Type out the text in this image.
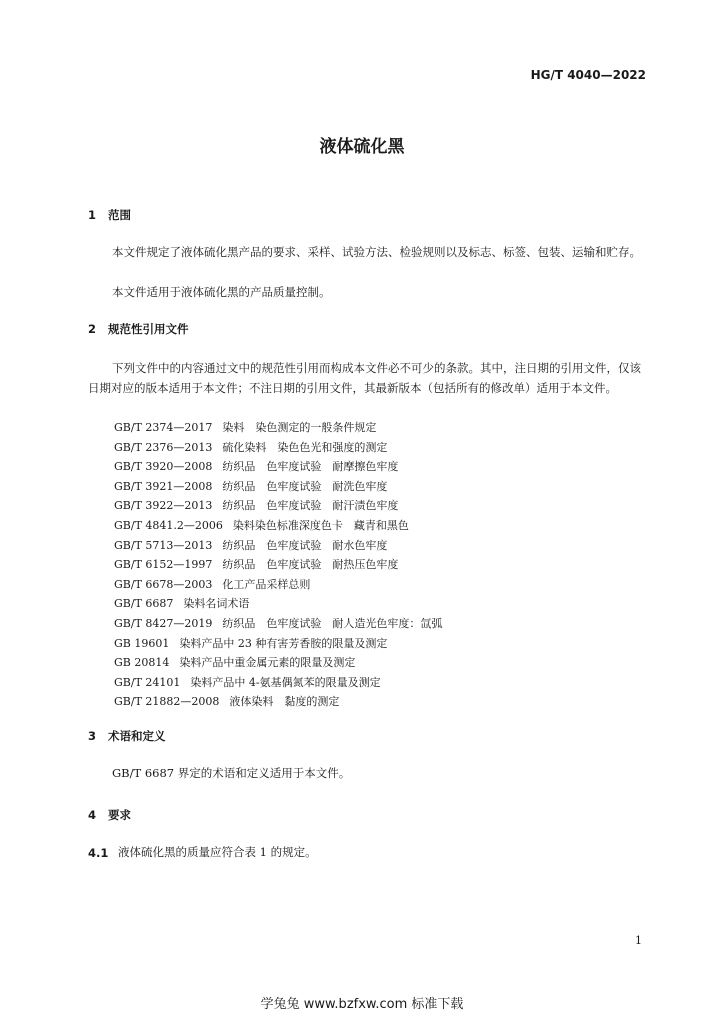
HG/T 4040—2022
液体硫化黑
1 范围
本文件规定了液体硫化黑产品的要求、采样、试验方法、检验规则以及标志、标签、包装、运输和贮存。
本文件适用于液体硫化黑的产品质量控制。
2 规范性引用文件
下列文件中的内容通过文中的规范性引用而构成本文件必不可少的条款。其中，注日期的引用文件，仅该日期对应的版本适用于本文件；不注日期的引用文件，其最新版本（包括所有的修改单）适用于本文件。
GB/T 2374—2017 染料　染色测定的一般条件规定
GB/T 2376—2013 硫化染料　染色色光和强度的测定
GB/T 3920—2008 纺织品　色牢度试验　耐摩擦色牢度
GB/T 3921—2008 纺织品　色牢度试验　耐洗色牢度
GB/T 3922—2013 纺织品　色牢度试验　耐汗渍色牢度
GB/T 4841.2—2006 染料染色标准深度色卡　藏青和黑色
GB/T 5713—2013 纺织品　色牢度试验　耐水色牢度
GB/T 6152—1997 纺织品　色牢度试验　耐热压色牢度
GB/T 6678—2003 化工产品采样总则
GB/T 6687 染料名词术语
GB/T 8427—2019 纺织品　色牢度试验　耐人造光色牢度：氙弧
GB 19601 染料产品中 23 种有害芳香胺的限量及测定
GB 20814 染料产品中重金属元素的限量及测定
GB/T 24101 染料产品中 4-氨基偶氮苯的限量及测定
GB/T 21882—2008 液体染料　黏度的测定
3 术语和定义
GB/T 6687 界定的术语和定义适用于本文件。
4 要求
4.1 液体硫化黑的质量应符合表 1 的规定。
1
学兔兔 www.bzfxw.com 标准下载
